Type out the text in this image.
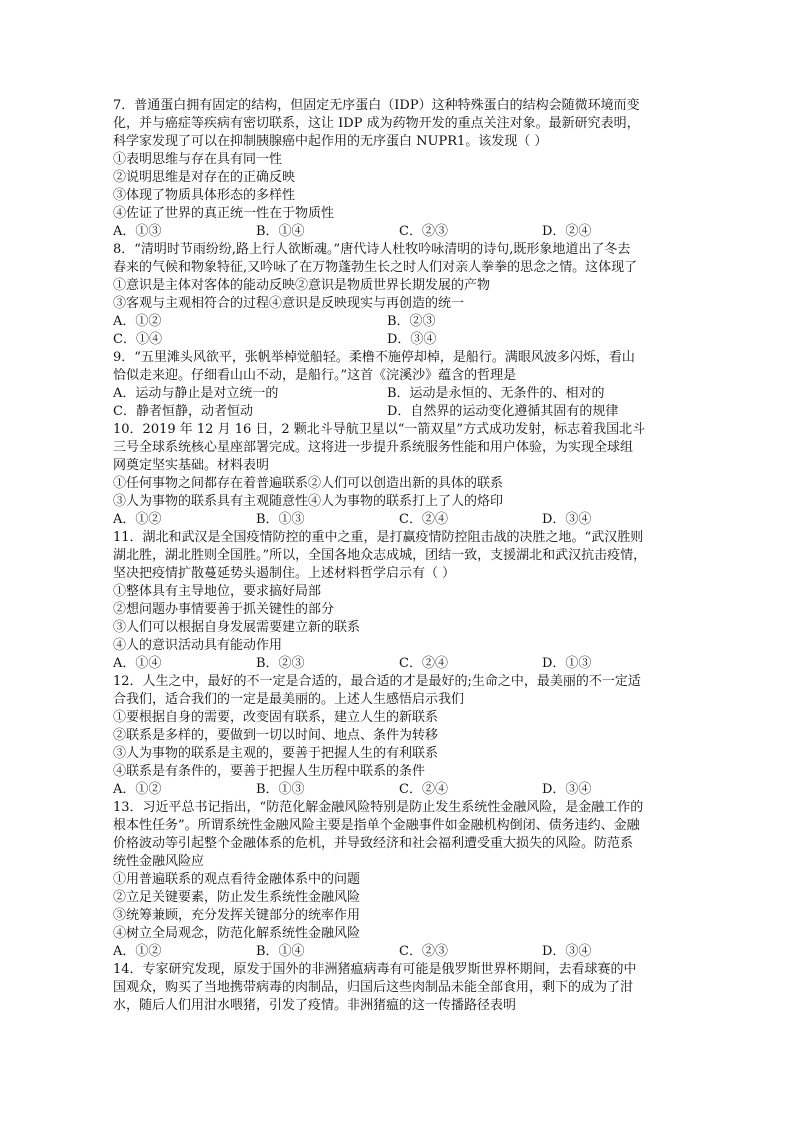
7．普通蛋白拥有固定的结构，但固定无序蛋白（IDP）这种特殊蛋白的结构会随微环境而变
化，并与癌症等疾病有密切联系，这让 IDP 成为药物开发的重点关注对象。最新研究表明，
科学家发现了可以在抑制胰腺癌中起作用的无序蛋白 NUPR1。该发现（ ）
①表明思维与存在具有同一性
②说明思维是对存在的正确反映
③体现了物质具体形态的多样性
④佐证了世界的真正统一性在于物质性
A．①③	B．①④	C．②③	D．②④
8．“清明时节雨纷纷,路上行人欲断魂。”唐代诗人杜牧吟咏清明的诗句,既形象地道出了冬去
春来的气候和物象特征,又吟咏了在万物蓬勃生长之时人们对亲人拳拳的思念之情。这体现了
①意识是主体对客体的能动反映②意识是物质世界长期发展的产物
③客观与主观相符合的过程④意识是反映现实与再创造的统一
A．①②	B．②③
C．①④	D．③④
9．“五里滩头风欲平，张帆举棹觉船轻。柔橹不施停却棹，是船行。满眼风波多闪烁，看山
恰似走来迎。仔细看山山不动，是船行。”这首《浣溪沙》蕴含的哲理是
A．运动与静止是对立统一的	B．运动是永恒的、无条件的、相对的
C．静者恒静，动者恒动	D．自然界的运动变化遵循其固有的规律
10．2019 年 12 月 16 日，2 颗北斗导航卫星以“一箭双星”方式成功发射，标志着我国北斗
三号全球系统核心星座部署完成。这将进一步提升系统服务性能和用户体验，为实现全球组
网奠定坚实基础。材料表明
①任何事物之间都存在着普遍联系②人们可以创造出新的具体的联系
③人为事物的联系具有主观随意性④人为事物的联系打上了人的烙印
A．①②	B．①③	C．②④	D．③④
11．湖北和武汉是全国疫情防控的重中之重，是打赢疫情防控阻击战的决胜之地。“武汉胜则
湖北胜，湖北胜则全国胜。”所以，全国各地众志成城，团结一致，支援湖北和武汉抗击疫情，
坚决把疫情扩散蔓延势头遏制住。上述材料哲学启示有（ ）
①整体具有主导地位，要求搞好局部
②想问题办事情要善于抓关键性的部分
③人们可以根据自身发展需要建立新的联系
④人的意识活动具有能动作用
A．①④	B．②③	C．②④	D．①③
12．人生之中，最好的不一定是合适的，最合适的才是最好的;生命之中，最美丽的不一定适
合我们，适合我们的一定是最美丽的。上述人生感悟启示我们
①要根据自身的需要，改变固有联系，建立人生的新联系
②联系是多样的，要做到一切以时间、地点、条件为转移
③人为事物的联系是主观的，要善于把握人生的有利联系
④联系是有条件的，要善于把握人生历程中联系的条件
A．①②	B．①③	C．②④	D．③④
13．习近平总书记指出，“防范化解金融风险特别是防止发生系统性金融风险，是金融工作的
根本性任务”。所谓系统性金融风险主要是指单个金融事件如金融机构倒闭、债务违约、金融
价格波动等引起整个金融体系的危机，并导致经济和社会福利遭受重大损失的风险。防范系
统性金融风险应
①用普遍联系的观点看待金融体系中的问题
②立足关键要素，防止发生系统性金融风险
③统筹兼顾，充分发挥关键部分的统率作用
④树立全局观念，防范化解系统性金融风险
A．①②	B．①④	C．②③	D．③④
14．专家研究发现，原发于国外的非洲猪瘟病毒有可能是俄罗斯世界杯期间，去看球赛的中
国观众，购买了当地携带病毒的肉制品，归国后这些肉制品未能全部食用，剩下的成为了泔
水，随后人们用泔水喂猪，引发了疫情。非洲猪瘟的这一传播路径表明
